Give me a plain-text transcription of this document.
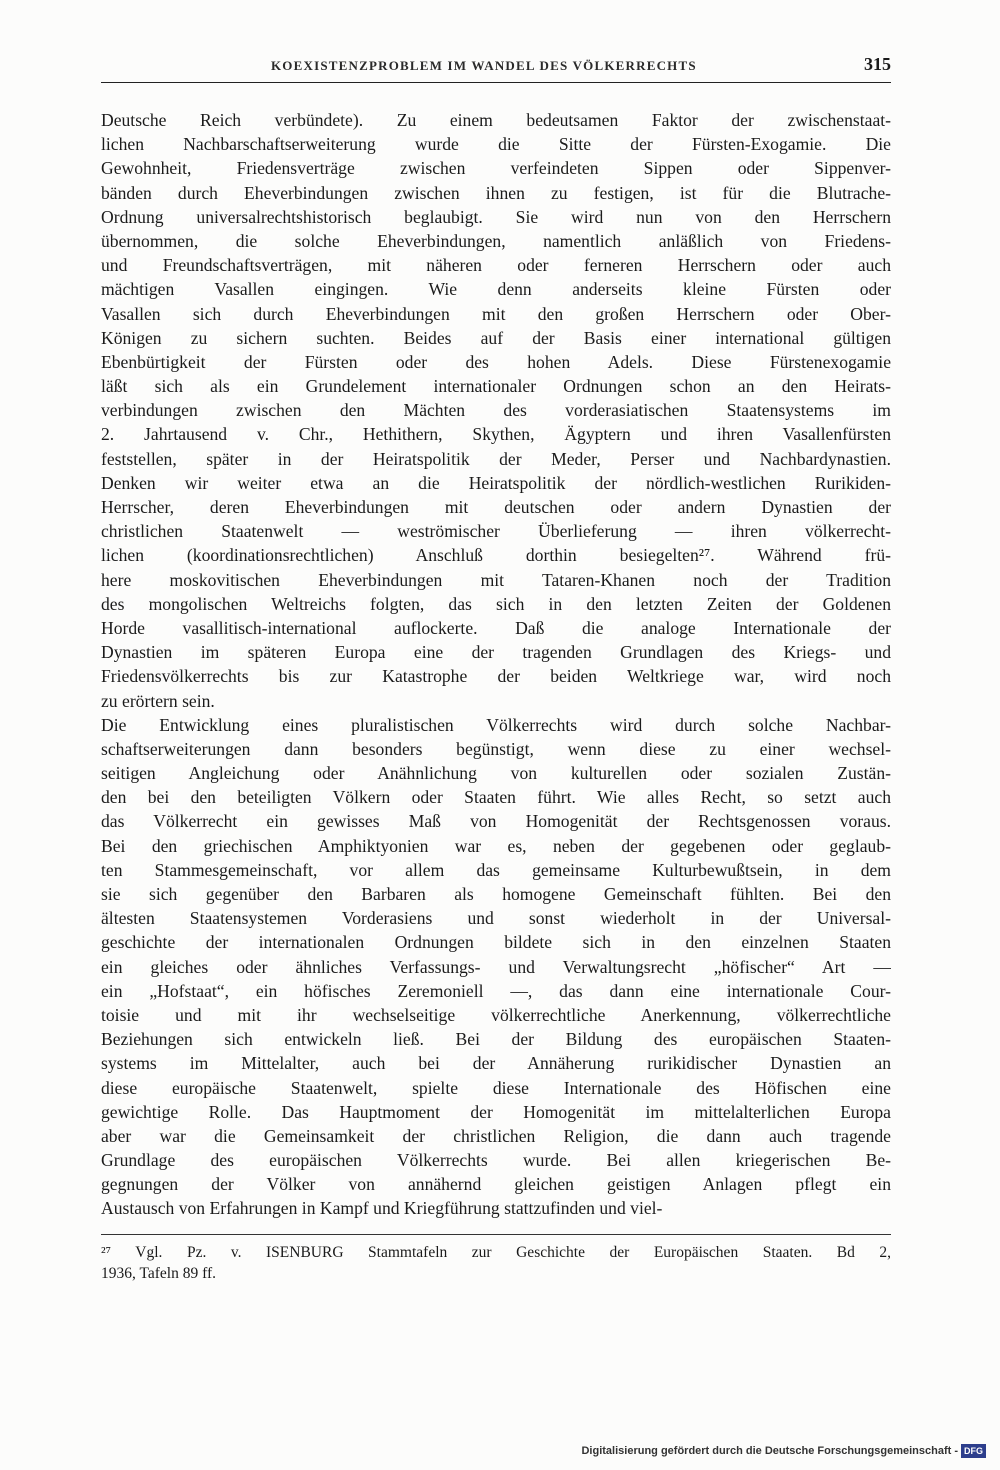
KOEXISTENZPROBLEM IM WANDEL DES VÖLKERRECHTS	315
Deutsche Reich verbündete). Zu einem bedeutsamen Faktor der zwischenstaat-
lichen Nachbarschaftserweiterung wurde die Sitte der Fürsten-Exogamie. Die
Gewohnheit, Friedensverträge zwischen verfeindeten Sippen oder Sippenver-
bänden durch Eheverbindungen zwischen ihnen zu festigen, ist für die Blutrache-
Ordnung universalrechtshistorisch beglaubigt. Sie wird nun von den Herrschern
übernommen, die solche Eheverbindungen, namentlich anläßlich von Friedens-
und Freundschaftsverträgen, mit näheren oder ferneren Herrschern oder auch
mächtigen Vasallen eingingen. Wie denn anderseits kleine Fürsten oder
Vasallen sich durch Eheverbindungen mit den großen Herrschern oder Ober-
Königen zu sichern suchten. Beides auf der Basis einer international gültigen
Ebenbürtigkeit der Fürsten oder des hohen Adels. Diese Fürstenexogamie
läßt sich als ein Grundelement internationaler Ordnungen schon an den Heirats-
verbindungen zwischen den Mächten des vorderasiatischen Staatensystems im
2. Jahrtausend v. Chr., Hethithern, Skythen, Ägyptern und ihren Vasallenfürsten
feststellen, später in der Heiratspolitik der Meder, Perser und Nachbardynastien.
Denken wir weiter etwa an die Heiratspolitik der nördlich-westlichen Rurikiden-
Herrscher, deren Eheverbindungen mit deutschen oder andern Dynastien der
christlichen Staatenwelt — weströmischer Überlieferung — ihren völkerrecht-
lichen (koordinationsrechtlichen) Anschluß dorthin besiegelten²⁷. Während frü-
here moskovitischen Eheverbindungen mit Tataren-Khanen noch der Tradition
des mongolischen Weltreichs folgten, das sich in den letzten Zeiten der Goldenen
Horde vasallitisch-international auflockerte. Daß die analoge Internationale der
Dynastien im späteren Europa eine der tragenden Grundlagen des Kriegs- und
Friedensvölkerrechts bis zur Katastrophe der beiden Weltkriege war, wird noch
zu erörtern sein.
Die Entwicklung eines pluralistischen Völkerrechts wird durch solche Nachbar-
schaftserweiterungen dann besonders begünstigt, wenn diese zu einer wechsel-
seitigen Angleichung oder Anähnlichung von kulturellen oder sozialen Zustän-
den bei den beteiligten Völkern oder Staaten führt. Wie alles Recht, so setzt auch
das Völkerrecht ein gewisses Maß von Homogenität der Rechtsgenossen voraus.
Bei den griechischen Amphiktyonien war es, neben der gegebenen oder geglaub-
ten Stammesgemeinschaft, vor allem das gemeinsame Kulturbewußtsein, in dem
sie sich gegenüber den Barbaren als homogene Gemeinschaft fühlten. Bei den
ältesten Staatensystemen Vorderasiens und sonst wiederholt in der Universal-
geschichte der internationalen Ordnungen bildete sich in den einzelnen Staaten
ein gleiches oder ähnliches Verfassungs- und Verwaltungsrecht „höfischer“ Art —
ein „Hofstaat“, ein höfisches Zeremoniell —, das dann eine internationale Cour-
toisie und mit ihr wechselseitige völkerrechtliche Anerkennung, völkerrechtliche
Beziehungen sich entwickeln ließ. Bei der Bildung des europäischen Staaten-
systems im Mittelalter, auch bei der Annäherung rurikidischer Dynastien an
diese europäische Staatenwelt, spielte diese Internationale des Höfischen eine
gewichtige Rolle. Das Hauptmoment der Homogenität im mittelalterlichen Europa
aber war die Gemeinsamkeit der christlichen Religion, die dann auch tragende
Grundlage des europäischen Völkerrechts wurde. Bei allen kriegerischen Be-
gegnungen der Völker von annähernd gleichen geistigen Anlagen pflegt ein
Austausch von Erfahrungen in Kampf und Kriegführung stattzufinden und viel-
²⁷ Vgl. Pz. v. ISENBURG Stammtafeln zur Geschichte der Europäischen Staaten. Bd 2,
1936, Tafeln 89 ff.
Digitalisierung gefördert durch die Deutsche Forschungsgemeinschaft - DFG
